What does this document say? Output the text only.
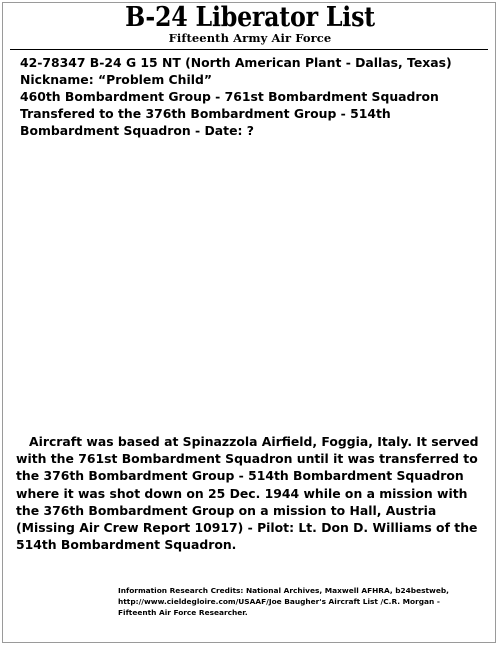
B-24 Liberator List
Fifteenth Army Air Force
42-78347 B-24 G 15 NT (North American Plant - Dallas, Texas)
Nickname: “Problem Child”
460th Bombardment Group - 761st Bombardment Squadron
Transfered to the 376th Bombardment Group - 514th Bombardment Squadron - Date: ?

Aircraft was based at Spinazzola Airfield, Foggia, Italy. It served with the 761st Bombardment Squadron until it was transferred to the 376th Bombardment Group - 514th Bombardment Squadron where it was shot down on 25 Dec. 1944 while on a mission with the 376th Bombardment Group on a mission to Hall, Austria (Missing Air Crew Report 10917) - Pilot: Lt. Don D. Williams of the 514th Bombardment Squadron.

Information Research Credits: National Archives, Maxwell AFHRA, b24bestweb, http://www.cieldegloire.com/USAAF/Joe Baugher's Aircraft List /C.R. Morgan - Fifteenth Air Force Researcher.
